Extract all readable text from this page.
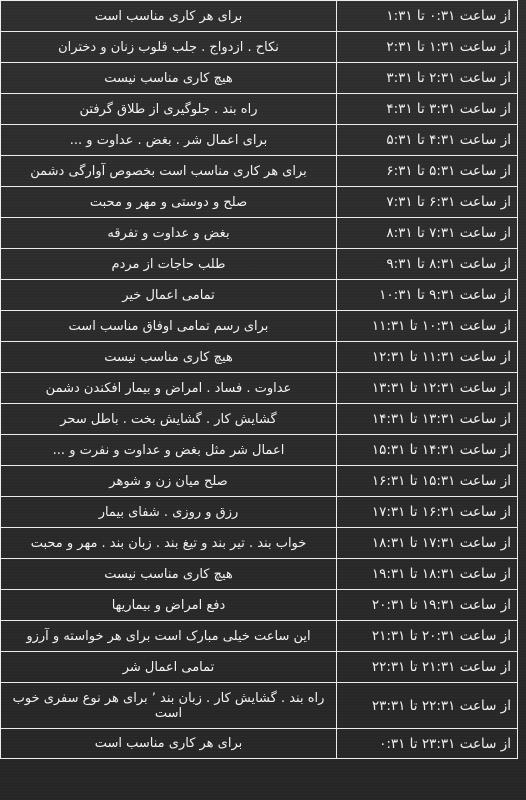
از ساعت ۰:۳۱ تا ۱:۳۱	برای هر کاری مناسب است
از ساعت ۱:۳۱ تا ۲:۳۱	نکاح . ازدواج . جلب قلوب زنان و دختران
از ساعت ۲:۳۱ تا ۳:۳۱	هیچ کاری مناسب نیست
از ساعت ۳:۳۱ تا ۴:۳۱	راه بند . جلوگیری از طلاق گرفتن
از ساعت ۴:۳۱ تا ۵:۳۱	برای اعمال شر . بغض . عداوت و ...
از ساعت ۵:۳۱ تا ۶:۳۱	برای هر کاری مناسب است بخصوص آوارگی دشمن
از ساعت ۶:۳۱ تا ۷:۳۱	صلح و دوستی و مهر و محبت
از ساعت ۷:۳۱ تا ۸:۳۱	بغض و عداوت و تفرقه
از ساعت ۸:۳۱ تا ۹:۳۱	طلب حاجات از مردم
از ساعت ۹:۳۱ تا ۱۰:۳۱	تمامی اعمال خیر
از ساعت ۱۰:۳۱ تا ۱۱:۳۱	برای رسم تمامی اوفاق مناسب است
از ساعت ۱۱:۳۱ تا ۱۲:۳۱	هیچ کاری مناسب نیست
از ساعت ۱۲:۳۱ تا ۱۳:۳۱	عداوت . فساد . امراض و بیمار افکندن دشمن
از ساعت ۱۳:۳۱ تا ۱۴:۳۱	گشایش کار . گشایش بخت . باطل سحر
از ساعت ۱۴:۳۱ تا ۱۵:۳۱	اعمال شر مثل بغض و عداوت و نفرت و ...
از ساعت ۱۵:۳۱ تا ۱۶:۳۱	صلح میان زن و شوهر
از ساعت ۱۶:۳۱ تا ۱۷:۳۱	رزق و روزی . شفای بیمار
از ساعت ۱۷:۳۱ تا ۱۸:۳۱	خواب بند . تیر بند و تیغ بند . زبان بند . مهر و محبت
از ساعت ۱۸:۳۱ تا ۱۹:۳۱	هیچ کاری مناسب نیست
از ساعت ۱۹:۳۱ تا ۲۰:۳۱	دفع امراض و بیماریها
از ساعت ۲۰:۳۱ تا ۲۱:۳۱	این ساعت خیلی مبارک است برای هر خواسته و آرزو
از ساعت ۲۱:۳۱ تا ۲۲:۳۱	تمامی اعمال شر
از ساعت ۲۲:۳۱ تا ۲۳:۳۱	راه بند . گشایش کار . زبان بند ٬ برای هر نوع سفری خوب است
از ساعت ۲۳:۳۱ تا ۰:۳۱	برای هر کاری مناسب است
